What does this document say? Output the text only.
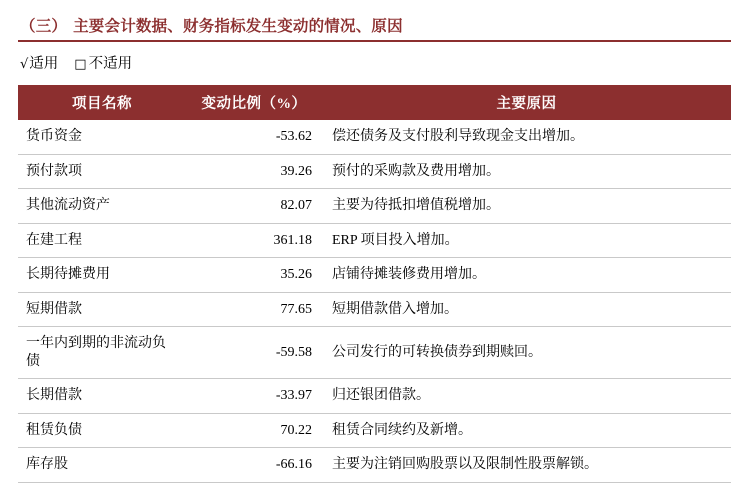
（三） 主要会计数据、财务指标发生变动的情况、原因
√适用 □ 不适用
项目名称	变动比例（%）	主要原因
货币资金	-53.62	偿还债务及支付股利导致现金支出增加。
预付款项	39.26	预付的采购款及费用增加。
其他流动资产	82.07	主要为待抵扣增值税增加。
在建工程	361.18	ERP 项目投入增加。
长期待摊费用	35.26	店铺待摊装修费用增加。
短期借款	77.65	短期借款借入增加。

一年内到期的非流动负债	-59.58	公司发行的可转换债券到期赎回。
长期借款	-33.97	归还银团借款。
租赁负债	70.22	租赁合同续约及新增。
库存股	-66.16	主要为注销回购股票以及限制性股票解锁。
